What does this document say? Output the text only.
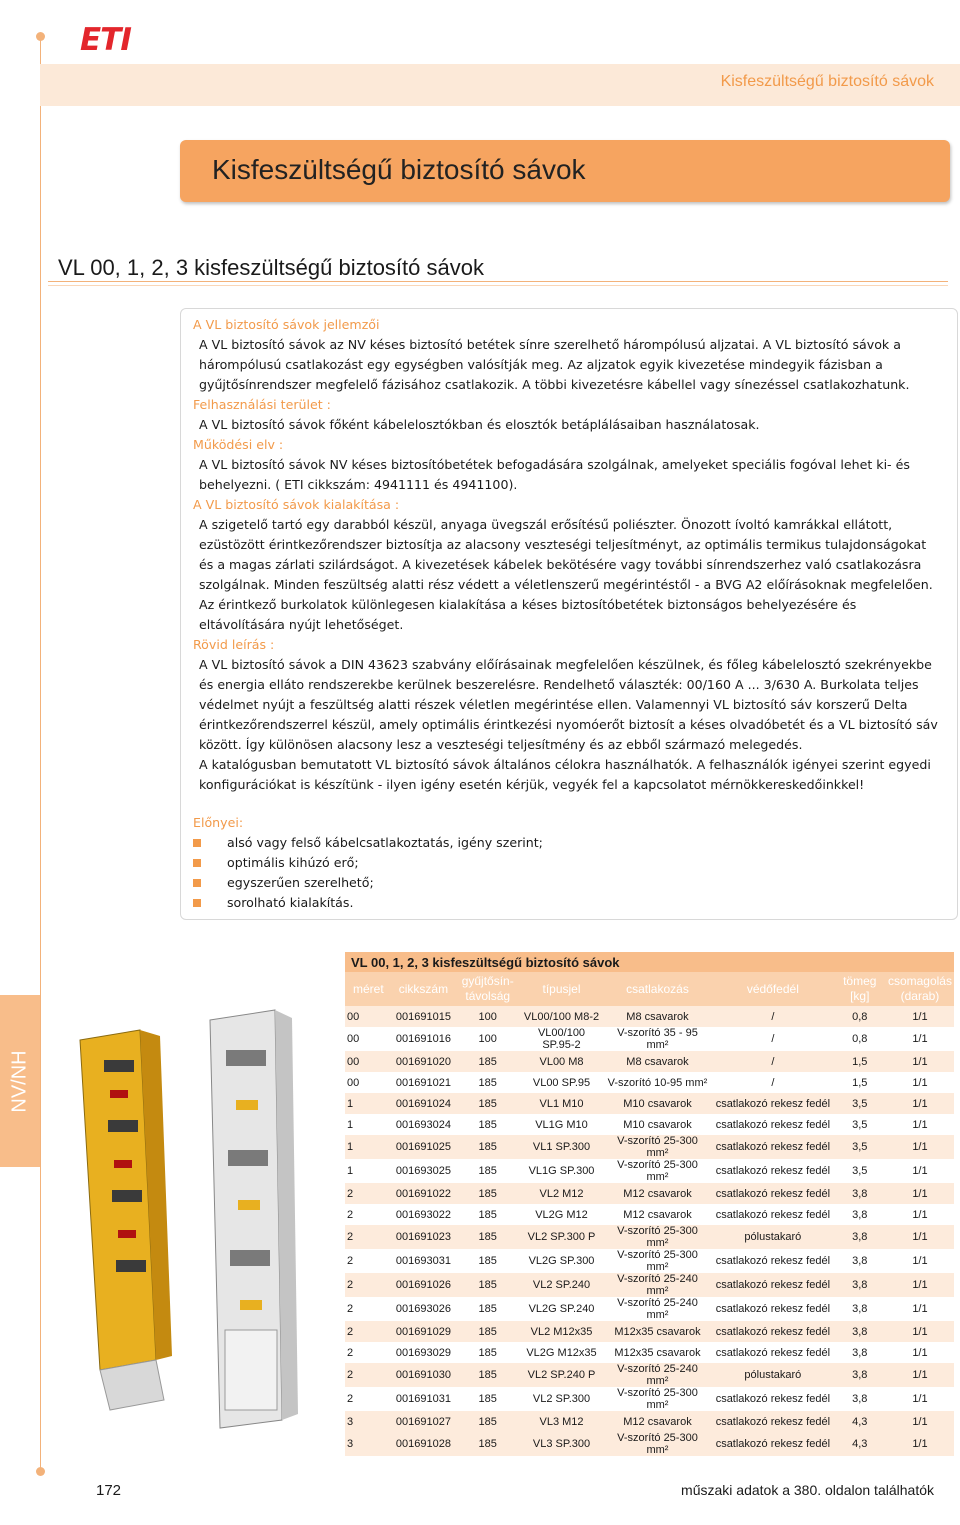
ETI
Kisfeszültségű biztosító sávok
Kisfeszültségű biztosító sávok
VL 00, 1, 2, 3 kisfeszültségű biztosító sávok

A VL biztosító sávok jellemzői

A VL biztosító sávok az NV késes biztosító betétek sínre szerelhető hárompólusú aljzatai. A VL biztosító sávok a hárompólusú csatlakozást egy egységben valósítják meg. Az aljzatok egyik kivezetése mindegyik fázisban a gyűjtősínrendszer megfelelő fázisához csatlakozik. A többi kivezetésre kábellel vagy sínezéssel csatlakozhatunk.

Felhasználási terület :

A VL biztosító sávok főként kábelelosztókban és elosztók betáplálásaiban használatosak.

Működési elv :

A VL biztosító sávok NV késes biztosítóbetétek befogadására szolgálnak, amelyeket speciális fogóval lehet ki- és behelyezni. ( ETI cikkszám: 4941111 és 4941100).

A VL biztosító sávok kialakítása :

A szigetelő tartó egy darabból készül, anyaga üvegszál erősítésű poliészter. Önozott ívoltó kamrákkal ellátott, ezüstözött érintkezőrendszer biztosítja az alacsony veszteségi teljesítményt, az optimális termikus tulajdonságokat és a magas zárlati szilárdságot. A kivezetések kábelek bekötésére vagy további sínrendszerhez való csatlakozásra szolgálnak. Minden feszültség alatti rész védett a véletlenszerű megérintéstől - a BVG A2 előírásoknak megfelelően. Az érintkező burkolatok különlegesen kialakítása a késes biztosítóbetétek biztonságos behelyezésére és eltávolítására nyújt lehetőséget.

Rövid leírás :

A VL biztosító sávok a DIN 43623 szabvány előírásainak megfelelően készülnek, és főleg kábelelosztó szekrényekbe és energia elláto rendszerekbe kerülnek beszerelésre. Rendelhető választék: 00/160 A ... 3/630 A. Burkolata teljes védelmet nyújt a feszültség alatti részek véletlen megérintése ellen. Valamennyi VL biztosító sáv korszerű Delta érintkezőrendszerrel készül, amely optimális érintkezési nyomóerőt biztosít a késes olvadóbetét és a VL biztosító sáv között. Így különösen alacsony lesz a veszteségi teljesítmény és az ebből származó melegedés.

A katalógusban bemutatott VL biztosító sávok általános célokra használhatók. A felhasználók igényei szerint egyedi konfigurációkat is készítünk - ilyen igény esetén kérjük, vegyék fel a kapcsolatot mérnökkereskedőinkkel!

Előnyei:

alsó vagy felső kábelcsatlakoztatás, igény szerint;
optimális kihúzó erő;
egyszerűen szerelhető;
sorolható kialakítás.
NV/NH
VL 00, 1, 2, 3 kisfeszültségű biztosító sávok							
méret	cikkszám	gyűjtősín-távolság	típusjel	csatlakozás	védőfedél	tömeg [kg]	csomagolás (darab)
00	001691015	100	VL00/100 M8-2	M8 csavarok	/	0,8	1/1
00	001691016	100	VL00/100 SP.95-2	V-szorító 35 - 95 mm²	/	0,8	1/1
00	001691020	185	VL00 M8	M8 csavarok	/	1,5	1/1
00	001691021	185	VL00 SP.95	V-szorító 10-95 mm²	/	1,5	1/1
1	001691024	185	VL1 M10	M10 csavarok	csatlakozó rekesz fedél	3,5	1/1
1	001693024	185	VL1G M10	M10 csavarok	csatlakozó rekesz fedél	3,5	1/1
1	001691025	185	VL1 SP.300	V-szorító 25-300 mm²	csatlakozó rekesz fedél	3,5	1/1
1	001693025	185	VL1G SP.300	V-szorító 25-300 mm²	csatlakozó rekesz fedél	3,5	1/1
2	001691022	185	VL2 M12	M12 csavarok	csatlakozó rekesz fedél	3,8	1/1
2	001693022	185	VL2G M12	M12 csavarok	csatlakozó rekesz fedél	3,8	1/1
2	001691023	185	VL2 SP.300 P	V-szorító 25-300 mm²	pólustakaró	3,8	1/1
2	001693031	185	VL2G SP.300	V-szorító 25-300 mm²	csatlakozó rekesz fedél	3,8	1/1
2	001691026	185	VL2 SP.240	V-szorító 25-240 mm²	csatlakozó rekesz fedél	3,8	1/1
2	001693026	185	VL2G SP.240	V-szorító 25-240 mm²	csatlakozó rekesz fedél	3,8	1/1
2	001691029	185	VL2 M12x35	M12x35 csavarok	csatlakozó rekesz fedél	3,8	1/1
2	001693029	185	VL2G M12x35	M12x35 csavarok	csatlakozó rekesz fedél	3,8	1/1
2	001691030	185	VL2 SP.240 P	V-szorító 25-240 mm²	pólustakaró	3,8	1/1
2	001691031	185	VL2 SP.300	V-szorító 25-300 mm²	csatlakozó rekesz fedél	3,8	1/1
3	001691027	185	VL3 M12	M12 csavarok	csatlakozó rekesz fedél	4,3	1/1
3	001691028	185	VL3 SP.300	V-szorító 25-300 mm²	csatlakozó rekesz fedél	4,3	1/1
172	műszaki adatok a 380. oldalon találhatók
